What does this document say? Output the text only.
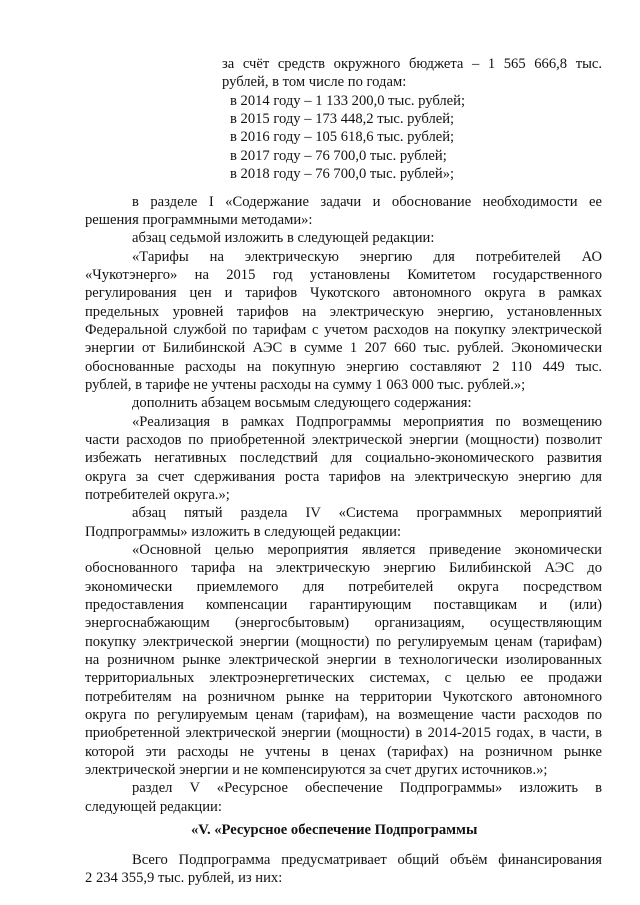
за счёт средств окружного бюджета – 1 565 666,8 тыс.
рублей, в том числе по годам:
в 2014 году – 1 133 200,0 тыс. рублей;
в 2015 году – 173 448,2 тыс. рублей;
в 2016 году – 105 618,6 тыс. рублей;
в 2017 году – 76 700,0 тыс. рублей;
в 2018 году – 76 700,0 тыс. рублей»;
в разделе I «Содержание задачи и обоснование необходимости ее
решения программными методами»:
абзац седьмой изложить в следующей редакции:
«Тарифы на электрическую энергию для потребителей АО
«Чукотэнерго» на 2015 год установлены Комитетом государственного
регулирования цен и тарифов Чукотского автономного округа в рамках
предельных уровней тарифов на электрическую энергию, установленных
Федеральной службой по тарифам с учетом расходов на покупку электрической
энергии от Билибинской АЭС в сумме 1 207 660 тыс. рублей. Экономически
обоснованные расходы на покупную энергию составляют 2 110 449 тыс.
рублей, в тарифе не учтены расходы на сумму 1 063 000 тыс. рублей.»;
дополнить абзацем восьмым следующего содержания:
«Реализация в рамках Подпрограммы мероприятия по возмещению
части расходов по приобретенной электрической энергии (мощности) позволит
избежать негативных последствий для социально-экономического развития
округа за счет сдерживания роста тарифов на электрическую энергию для
потребителей округа.»;
абзац пятый раздела IV «Система программных мероприятий
Подпрограммы» изложить в следующей редакции:
«Основной целью мероприятия является приведение экономически
обоснованного тарифа на электрическую энергию Билибинской АЭС до
экономически приемлемого для потребителей округа посредством
предоставления компенсации гарантирующим поставщикам и (или)
энергоснабжающим (энергосбытовым) организациям, осуществляющим
покупку электрической энергии (мощности) по регулируемым ценам (тарифам)
на розничном рынке электрической энергии в технологически изолированных
территориальных электроэнергетических системах, с целью ее продажи
потребителям на розничном рынке на территории Чукотского автономного
округа по регулируемым ценам (тарифам), на возмещение части расходов по
приобретенной электрической энергии (мощности) в 2014-2015 годах, в части, в
которой эти расходы не учтены в ценах (тарифах) на розничном рынке
электрической энергии и не компенсируются за счет других источников.»;
раздел V «Ресурсное обеспечение Подпрограммы» изложить в
следующей редакции:
«V. «Ресурсное обеспечение Подпрограммы
Всего Подпрограмма предусматривает общий объём финансирования
2 234 355,9 тыс. рублей, из них:
